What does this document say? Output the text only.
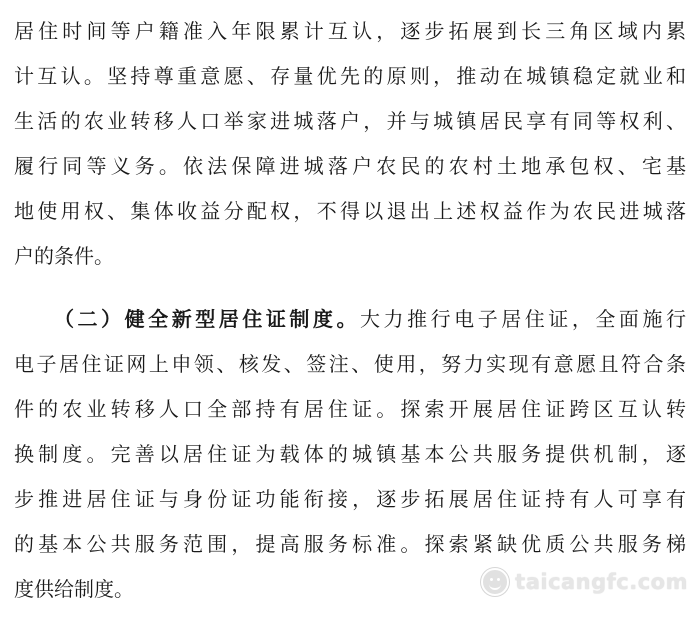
居住时间等户籍准入年限累计互认，逐步拓展到长三角区域内累
计互认。坚持尊重意愿、存量优先的原则，推动在城镇稳定就业和
生活的农业转移人口举家进城落户，并与城镇居民享有同等权利、
履行同等义务。依法保障进城落户农民的农村土地承包权、宅基
地使用权、集体收益分配权，不得以退出上述权益作为农民进城落
户的条件。
（二）健全新型居住证制度。大力推行电子居住证，全面施行
电子居住证网上申领、核发、签注、使用，努力实现有意愿且符合条
件的农业转移人口全部持有居住证。探索开展居住证跨区互认转
换制度。完善以居住证为载体的城镇基本公共服务提供机制，逐
步推进居住证与身份证功能衔接，逐步拓展居住证持有人可享有
的基本公共服务范围，提高服务标准。探索紧缺优质公共服务梯
度供给制度。	taicangfc.com
